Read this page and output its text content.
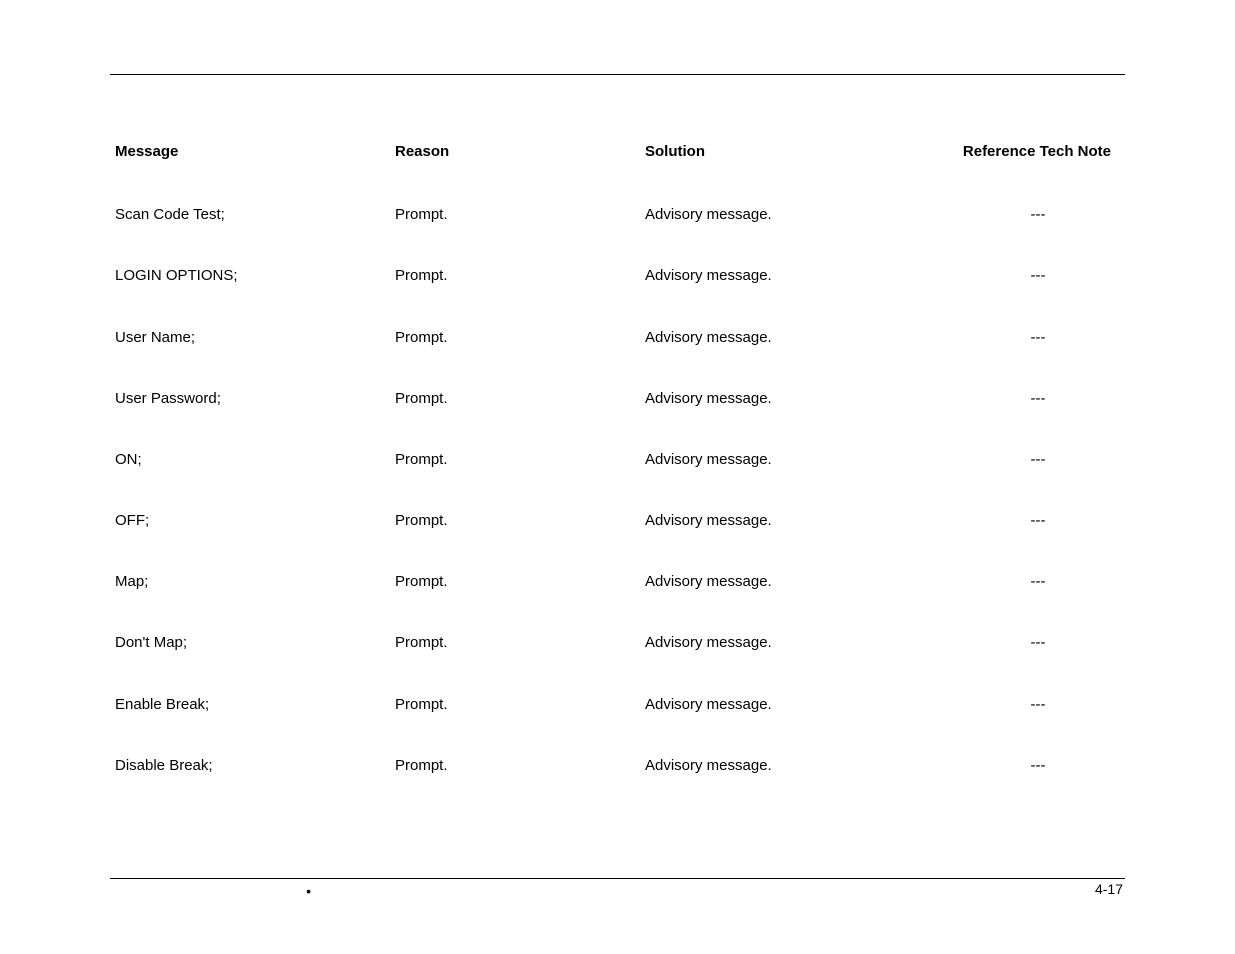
Message	Reason	Solution	Reference Tech Note
Scan Code Test;	Prompt.	Advisory message.	---
LOGIN OPTIONS;	Prompt.	Advisory message.	---
User Name;	Prompt.	Advisory message.	---
User Password;	Prompt.	Advisory message.	---
ON;	Prompt.	Advisory message.	---
OFF;	Prompt.	Advisory message.	---
Map;	Prompt.	Advisory message.	---
Don't Map;	Prompt.	Advisory message.	---
Enable Break;	Prompt.	Advisory message.	---
Disable Break;	Prompt.	Advisory message.	---
•	4-17
